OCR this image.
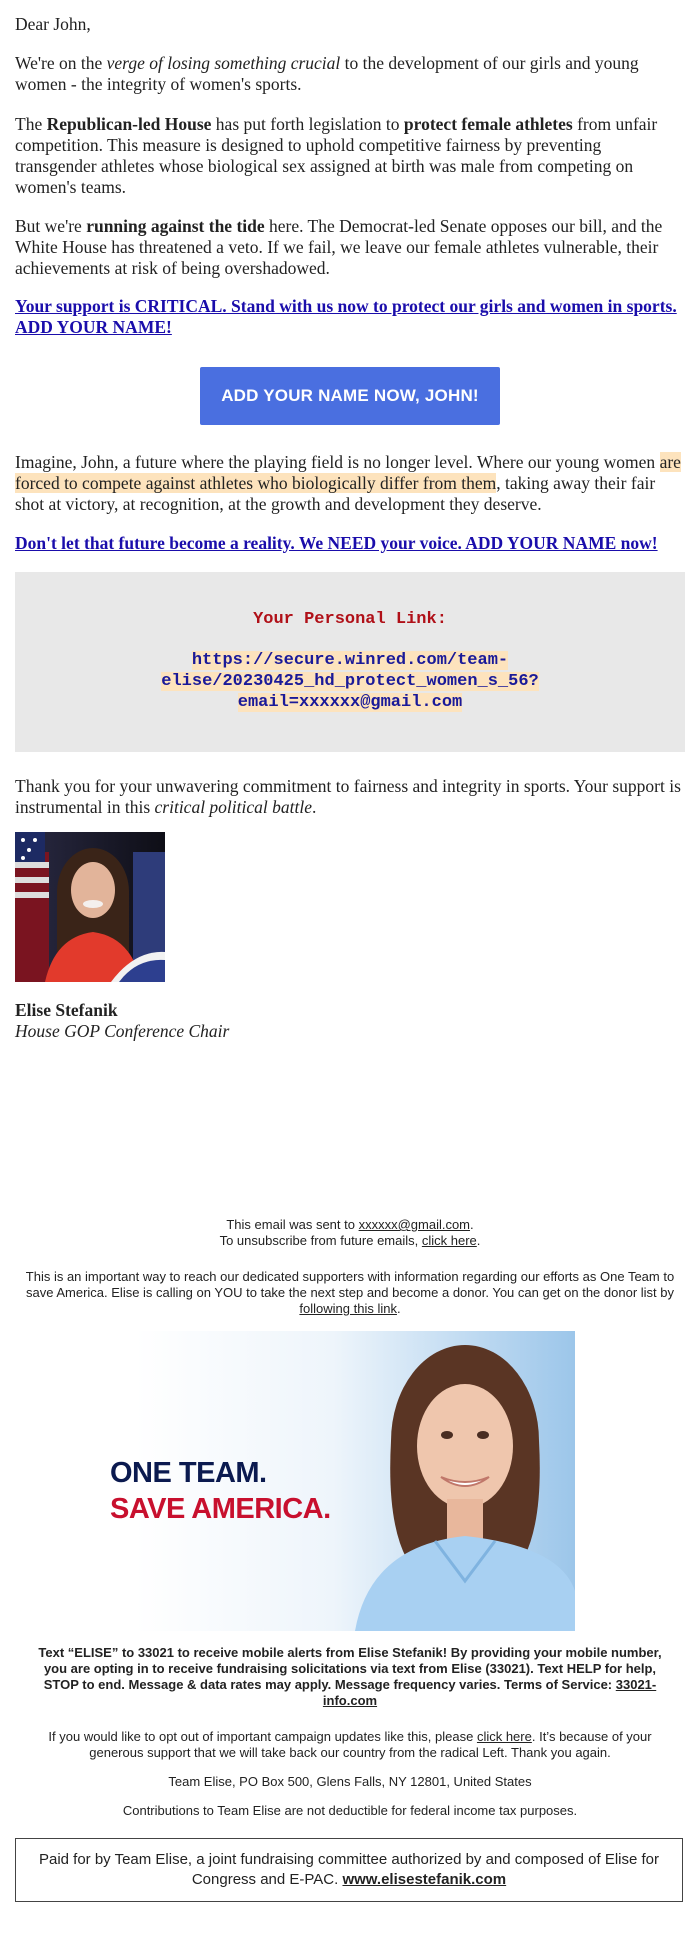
Dear John,

We're on the verge of losing something crucial to the development of our girls and young women - the integrity of women's sports.
The Republican-led House has put forth legislation to protect female athletes from unfair competition. This measure is designed to uphold competitive fairness by preventing transgender athletes whose biological sex assigned at birth was male from competing on women's teams.
But we're running against the tide here. The Democrat-led Senate opposes our bill, and the White House has threatened a veto. If we fail, we leave our female athletes vulnerable, their achievements at risk of being overshadowed.
Your support is CRITICAL. Stand with us now to protect our girls and women in sports. ADD YOUR NAME!
ADD YOUR NAME NOW, JOHN!
Imagine, John, a future where the playing field is no longer level. Where our young women are forced to compete against athletes who biologically differ from them, taking away their fair shot at victory, at recognition, at the growth and development they deserve.
Don't let that future become a reality. We NEED your voice. ADD YOUR NAME now!
Your Personal Link:
https://secure.winred.com/team-
elise/20230425_hd_protect_women_s_56?
email=xxxxxx@gmail.com
Thank you for your unwavering commitment to fairness and integrity in sports. Your support is instrumental in this critical political battle.
Elise Stefanik
House GOP Conference Chair
This email was sent to xxxxxx@gmail.com.
To unsubscribe from future emails, click here.
This is an important way to reach our dedicated supporters with information regarding our efforts as One Team to save America. Elise is calling on YOU to take the next step and become a donor. You can get on the donor list by following this link.
ONE TEAM.
SAVE AMERICA.
Text “ELISE” to 33021 to receive mobile alerts from Elise Stefanik! By providing your mobile number, you are opting in to receive fundraising solicitations via text from Elise (33021). Text HELP for help, STOP to end. Message & data rates may apply. Message frequency varies. Terms of Service: 33021-info.com
If you would like to opt out of important campaign updates like this, please click here. It’s because of your generous support that we will take back our country from the radical Left. Thank you again.
Team Elise, PO Box 500, Glens Falls, NY 12801, United States
Contributions to Team Elise are not deductible for federal income tax purposes.
Paid for by Team Elise, a joint fundraising committee authorized by and composed of Elise for Congress and E-PAC. www.elisestefanik.com
